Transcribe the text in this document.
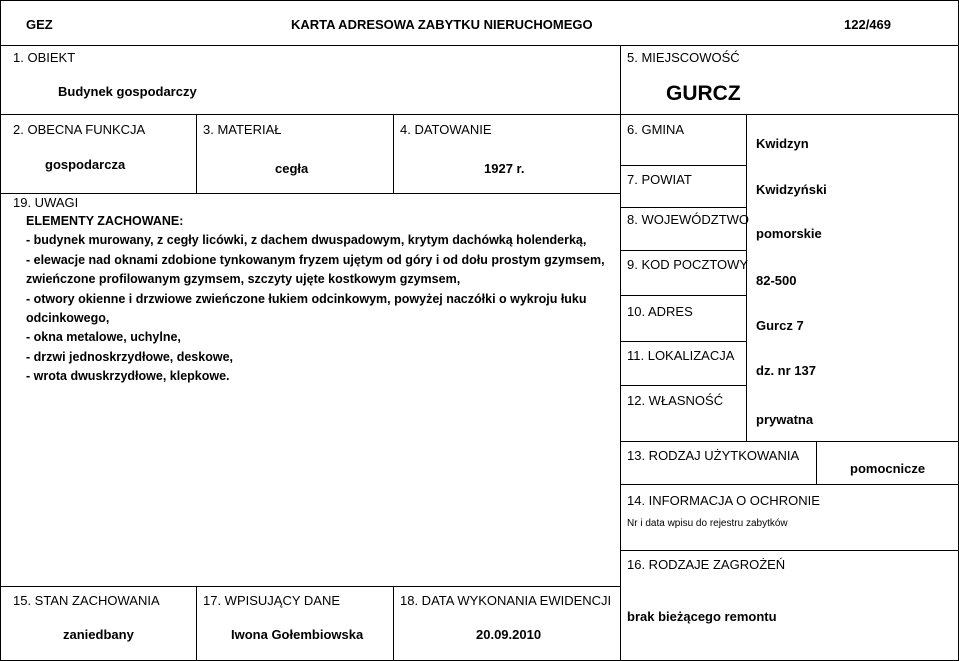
GEZ	KARTA ADRESOWA ZABYTKU NIERUCHOMEGO	122/469
1. OBIEKT
Budynek gospodarczy
5. MIEJSCOWOŚĆ
GURCZ
2. OBECNA FUNKCJA
gospodarcza
3. MATERIAŁ
cegła
4. DATOWANIE
1927 r.
19. UWAGI
ELEMENTY ZACHOWANE:
- budynek murowany, z cegły licówki, z dachem dwuspadowym, krytym dachówką holenderką,
- elewacje nad oknami zdobione tynkowanym fryzem ujętym od góry i od dołu prostym gzymsem,
zwieńczone profilowanym gzymsem, szczyty ujęte kostkowym gzymsem,
- otwory okienne i drzwiowe zwieńczone łukiem odcinkowym, powyżej naczółki o wykroju łuku
odcinkowego,
- okna metalowe, uchylne,
- drzwi jednoskrzydłowe, deskowe,
- wrota dwuskrzydłowe, klepkowe.
6. GMINA
Kwidzyn
7. POWIAT
Kwidzyński
8. WOJEWÓDZTWO
pomorskie
9. KOD POCZTOWY
82-500
10. ADRES
Gurcz 7
11. LOKALIZACJA
dz. nr 137
12. WŁASNOŚĆ
prywatna
13. RODZAJ UŻYTKOWANIA
pomocnicze
14. INFORMACJA O OCHRONIE
Nr i data wpisu do rejestru zabytków
16. RODZAJE ZAGROŻEŃ
brak bieżącego remontu
15. STAN ZACHOWANIA
zaniedbany
17. WPISUJĄCY DANE
Iwona Gołembiowska
18. DATA WYKONANIA EWIDENCJI
20.09.2010
